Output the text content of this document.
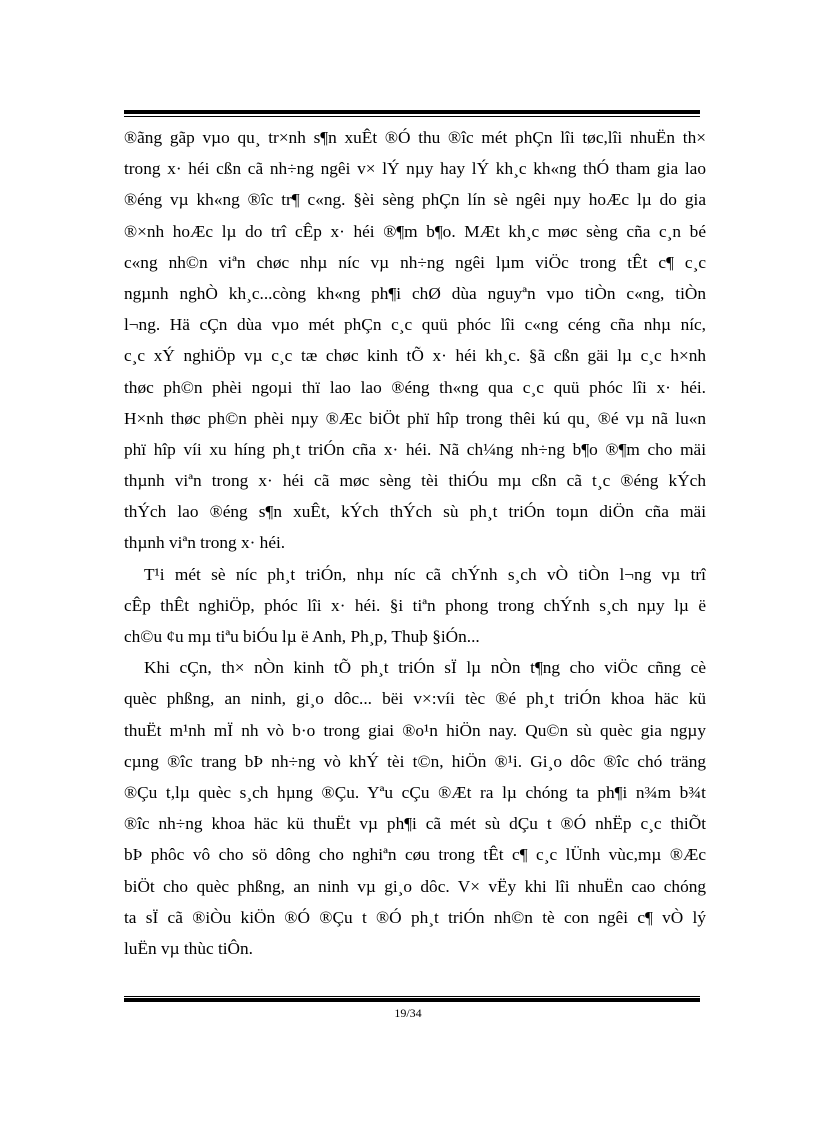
®ãng gãp vµo qu¸ tr×nh s¶n xuÊt ®Ó thu ®îc mét phÇn lîi tøc,lîi nhuËn th×
trong x· héi cßn cã nh÷ng ngêi v× lÝ nµy hay lÝ kh¸c kh«ng thÓ tham gia lao
®éng vµ kh«ng ®îc tr¶ c«ng. §èi sèng phÇn lín sè ngêi nµy hoÆc lµ do gia
®×nh hoÆc lµ do trî cÊp x· héi ®¶m b¶o. MÆt kh¸c møc sèng cña c¸n bé
c«ng nh©n viªn chøc nhµ níc vµ nh÷ng ngêi lµm viÖc trong tÊt c¶ c¸c
ngµnh nghÒ kh¸c...còng kh«ng ph¶i chØ dùa nguyªn vµo tiÒn c«ng, tiÒn
l¬ng. Hä cÇn dùa vµo mét phÇn c¸c quü phóc lîi c«ng céng cña nhµ níc,
c¸c xÝ nghiÖp vµ c¸c tæ chøc kinh tÕ x· héi kh¸c. §ã cßn gäi lµ c¸c h×nh
thøc ph©n phèi ngoµi thï lao lao ®éng th«ng qua c¸c quü phóc lîi x· héi.
H×nh thøc ph©n phèi nµy ®Æc biÖt phï hîp trong thêi kú qu¸ ®é vµ nã lu«n
phï hîp víi xu híng ph¸t triÓn cña x· héi. Nã ch¼ng nh÷ng b¶o ®¶m cho mäi
thµnh viªn trong x· héi cã møc sèng tèi thiÓu mµ cßn cã t¸c ®éng kÝch
thÝch lao ®éng s¶n xuÊt, kÝch thÝch sù ph¸t triÓn toµn diÖn cña mäi
thµnh viªn trong x· héi.
T¹i mét sè níc ph¸t triÓn, nhµ níc cã chÝnh s¸ch vÒ tiÒn l¬ng vµ trî
cÊp thÊt nghiÖp, phóc lîi x· héi. §i tiªn phong trong chÝnh s¸ch nµy lµ ë
ch©u ¢u mµ tiªu biÓu lµ ë Anh, Ph¸p, Thuþ §iÓn...
Khi cÇn, th× nÒn kinh tÕ ph¸t triÓn sÏ lµ nÒn t¶ng cho viÖc cñng cè
quèc phßng, an ninh, gi¸o dôc... bëi v×:víi tèc ®é ph¸t triÓn khoa häc kü
thuËt m¹nh mÏ nh vò b·o trong giai ®o¹n hiÖn nay. Qu©n sù quèc gia ngµy
cµng ®îc trang bÞ nh÷ng vò khÝ tèi t©n, hiÖn ®¹i. Gi¸o dôc ®îc chó träng
®Çu t,lµ quèc s¸ch hµng ®Çu. Yªu cÇu ®Æt ra lµ chóng ta ph¶i n¾m b¾t
®îc nh÷ng khoa häc kü thuËt vµ ph¶i cã mét sù dÇu t ®Ó nhËp c¸c thiÕt
bÞ phôc vô cho sö dông cho nghiªn cøu trong tÊt c¶ c¸c lÜnh vùc,mµ ®Æc
biÖt cho quèc phßng, an ninh vµ gi¸o dôc. V× vËy khi lîi nhuËn cao chóng
ta sÏ cã ®iÒu kiÖn ®Ó ®Çu t ®Ó ph¸t triÓn nh©n tè con ngêi c¶ vÒ lý
luËn vµ thùc tiÔn.
19/34
